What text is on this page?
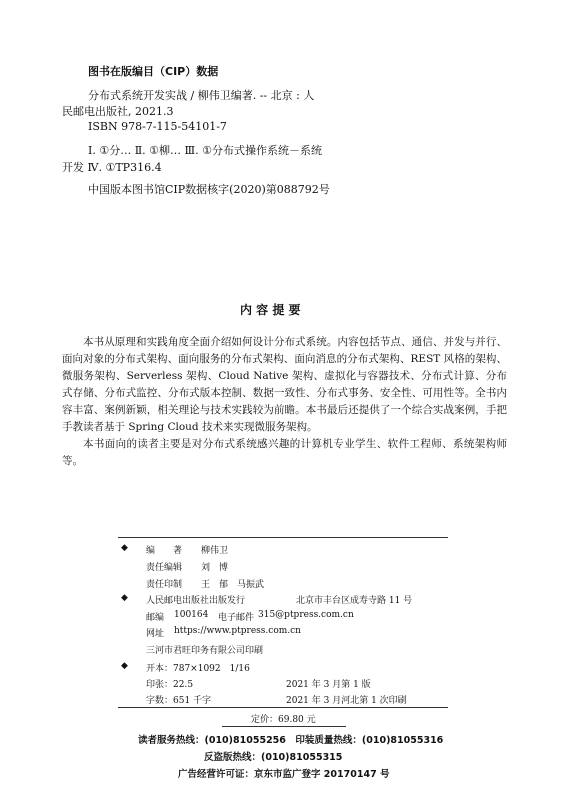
图书在版编目（CIP）数据
分布式系统开发实战 / 柳伟卫编著. -- 北京 : 人
民邮电出版社, 2021.3
ISBN 978-7-115-54101-7
Ⅰ. ①分… Ⅱ. ①柳… Ⅲ. ①分布式操作系统－系统
开发 Ⅳ. ①TP316.4
中国版本图书馆CIP数据核字(2020)第088792号
内 容 提 要

本书从原理和实践角度全面介绍如何设计分布式系统。内容包括节点、通信、并发与并行、面向对象的分布式架构、面向服务的分布式架构、面向消息的分布式架构、REST 风格的架构、微服务架构、Serverless 架构、Cloud Native 架构、虚拟化与容器技术、分布式计算、分布式存储、分布式监控、分布式版本控制、数据一致性、分布式事务、安全性、可用性等。全书内容丰富、案例新颖，相关理论与技术实践较为前瞻。本书最后还提供了一个综合实战案例，手把手教读者基于 Spring Cloud 技术来实现微服务架构。

本书面向的读者主要是对分布式系统感兴趣的计算机专业学生、软件工程师、系统架构师等。

◆ 编　　著 柳伟卫
责任编辑 刘　博
责任印制 王　郁　马振武
◆ 人民邮电出版社出版发行	北京市丰台区成寿寺路 11 号
邮编 100164 电子邮件 315@ptpress.com.cn
网址 https://www.ptpress.com.cn
三河市君旺印务有限公司印刷
◆ 开本：787×1092　1/16
印张：22.5	2021 年 3 月第 1 版
字数：651 千字	2021 年 3 月河北第 1 次印刷
定价：69.80 元
读者服务热线：(010)81055256　印装质量热线：(010)81055316
反盗版热线：(010)81055315
广告经营许可证：京东市监广登字 20170147 号
